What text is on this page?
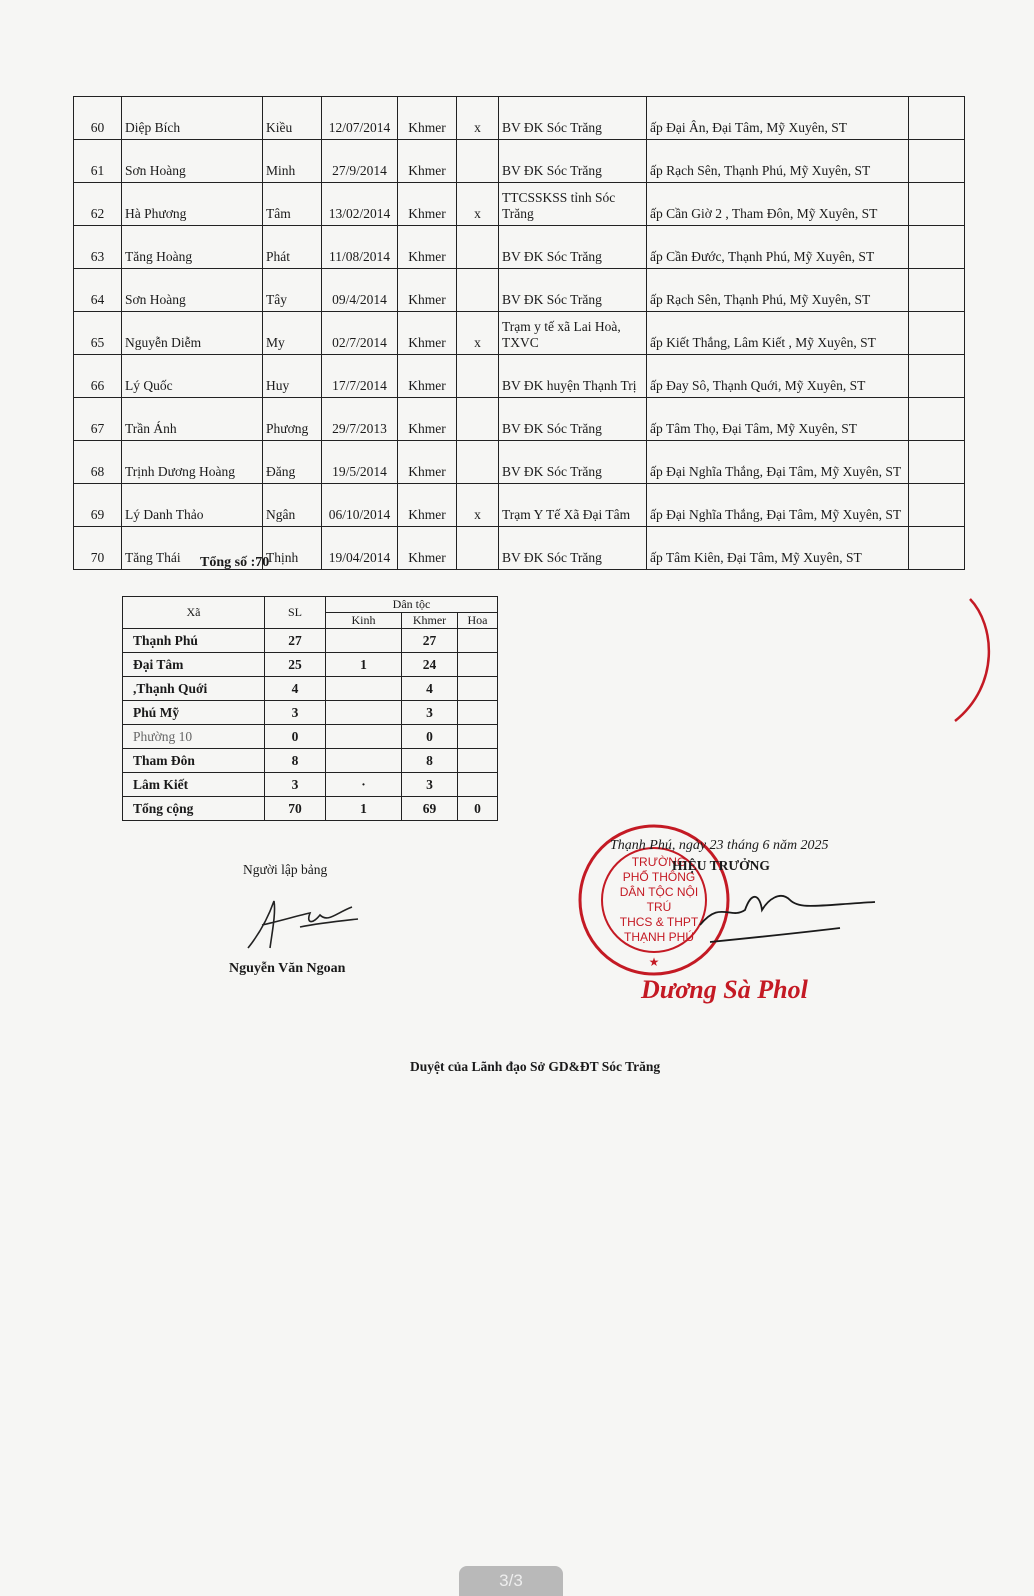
60	Diệp Bích	Kiều	12/07/2014	Khmer	x	BV ĐK Sóc Trăng	ấp Đại Ân, Đại Tâm, Mỹ Xuyên, ST	
61	Sơn Hoàng	Minh	27/9/2014	Khmer		BV ĐK Sóc Trăng	ấp Rạch Sên, Thạnh Phú, Mỹ Xuyên, ST	
62	Hà Phương	Tâm	13/02/2014	Khmer	x	TTCSSKSS tỉnh Sóc Trăng	ấp Cần Giờ 2 , Tham Đôn, Mỹ Xuyên, ST	
63	Tăng Hoàng	Phát	11/08/2014	Khmer		BV ĐK Sóc Trăng	ấp Cần Đước, Thạnh Phú, Mỹ Xuyên, ST	
64	Sơn Hoàng	Tây	09/4/2014	Khmer		BV ĐK Sóc Trăng	ấp Rạch Sên, Thạnh Phú, Mỹ Xuyên, ST	
65	Nguyễn Diễm	My	02/7/2014	Khmer	x	Trạm y tế xã Lai Hoà, TXVC	ấp Kiết Thắng, Lâm Kiết , Mỹ Xuyên, ST	
66	Lý Quốc	Huy	17/7/2014	Khmer		BV ĐK huyện Thạnh Trị	ấp Đay Sô, Thạnh Quới, Mỹ Xuyên, ST	
67	Trần Ánh	Phương	29/7/2013	Khmer		BV ĐK Sóc Trăng	ấp Tâm Thọ, Đại Tâm, Mỹ Xuyên, ST	
68	Trịnh Dương Hoàng	Đăng	19/5/2014	Khmer		BV ĐK Sóc Trăng	ấp Đại Nghĩa Thắng, Đại Tâm, Mỹ Xuyên, ST	
69	Lý Danh Thảo	Ngân	06/10/2014	Khmer	x	Trạm Y Tế Xã Đại Tâm	ấp Đại Nghĩa Thắng, Đại Tâm, Mỹ Xuyên, ST	
70	Tăng Thái	Thịnh	19/04/2014	Khmer		BV ĐK Sóc Trăng	ấp Tâm Kiên, Đại Tâm, Mỹ Xuyên, ST	
Tổng số :70
Xã	SL	Dân tộc		
		Kinh	Khmer	Hoa
Thạnh Phú	27		27	
Đại Tâm	25	1	24	
,Thạnh Quới	4		4	
Phú Mỹ	3		3	
Phường 10	0		0	
Tham Đôn	8		8	
Lâm Kiết	3	·	3	
Tổng cộng	70	1	69	0
Người lập bảng
Nguyễn Văn Ngoan	★
TRƯỜNG
PHỔ THÔNG
DÂN TỘC NỘI TRÚ
THCS & THPT
THẠNH PHÚ
Thạnh Phú, ngày 23 tháng 6 năm 2025
HIỆU TRƯỞNG
Dương Sà Phol
Duyệt của Lãnh đạo Sở GD&ĐT Sóc Trăng
3/3
